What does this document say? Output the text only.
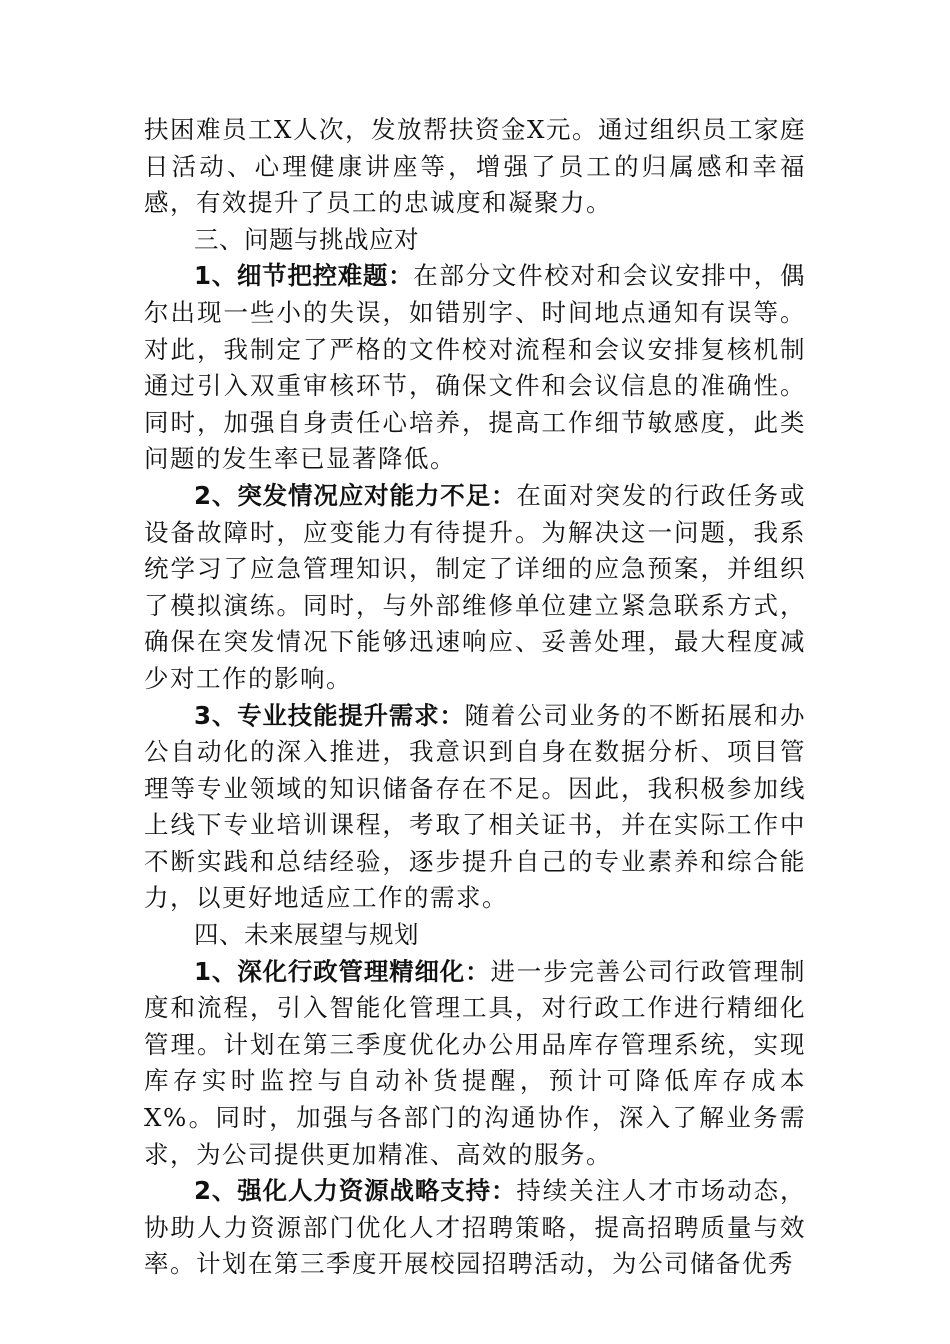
扶困难员工X人次，发放帮扶资金X元。通过组织员工家庭日活动、心理健康讲座等，增强了员工的归属感和幸福感，有效提升了员工的忠诚度和凝聚力。

三、问题与挑战应对

1、细节把控难题：在部分文件校对和会议安排中，偶尔出现一些小的失误，如错别字、时间地点通知有误等。对此，我制定了严格的文件校对流程和会议安排复核机制通过引入双重审核环节，确保文件和会议信息的准确性。同时，加强自身责任心培养，提高工作细节敏感度，此类问题的发生率已显著降低。

2、突发情况应对能力不足：在面对突发的行政任务或设备故障时，应变能力有待提升。为解决这一问题，我系统学习了应急管理知识，制定了详细的应急预案，并组织了模拟演练。同时，与外部维修单位建立紧急联系方式，确保在突发情况下能够迅速响应、妥善处理，最大程度减少对工作的影响。

3、专业技能提升需求：随着公司业务的不断拓展和办公自动化的深入推进，我意识到自身在数据分析、项目管理等专业领域的知识储备存在不足。因此，我积极参加线上线下专业培训课程，考取了相关证书，并在实际工作中不断实践和总结经验，逐步提升自己的专业素养和综合能力，以更好地适应工作的需求。

四、未来展望与规划

1、深化行政管理精细化：进一步完善公司行政管理制度和流程，引入智能化管理工具，对行政工作进行精细化管理。计划在第三季度优化办公用品库存管理系统，实现库存实时监控与自动补货提醒，预计可降低库存成本X%。同时，加强与各部门的沟通协作，深入了解业务需求，为公司提供更加精准、高效的服务。

2、强化人力资源战略支持：持续关注人才市场动态，协助人力资源部门优化人才招聘策略，提高招聘质量与效率。计划在第三季度开展校园招聘活动，为公司储备优秀
